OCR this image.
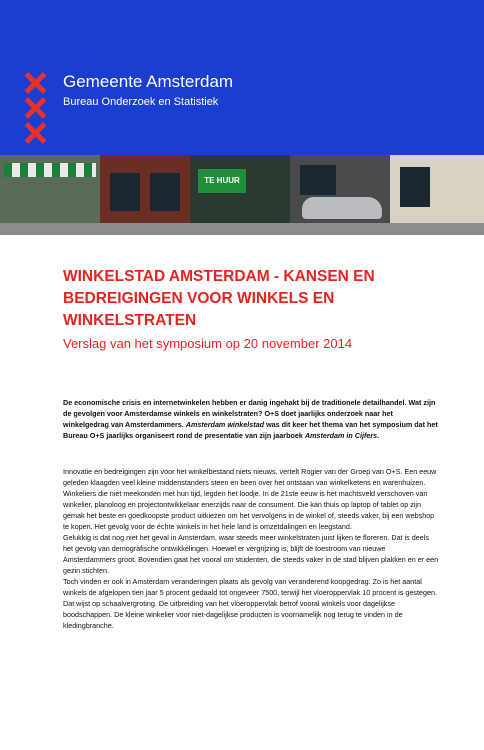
Gemeente Amsterdam
Bureau Onderzoek en Statistiek
TE HUUR
WINKELSTAD AMSTERDAM - KANSEN EN BEDREIGINGEN VOOR WINKELS EN WINKELSTRATEN
Verslag van het symposium op 20 november 2014
De economische crisis en internetwinkelen hebben er danig ingehakt bij de traditionele detailhandel. Wat zijn de gevolgen voor Amsterdamse winkels en winkelstraten? O+S doet jaarlijks onderzoek naar het winkelgedrag van Amsterdammers. Amsterdam winkelstad was dit keer het thema van het symposium dat het Bureau O+S jaarlijks organiseert rond de presentatie van zijn jaarboek Amsterdam in Cijfers.

Innovatie en bedreigingen zijn voor het winkelbestand niets nieuws, vertelt Rogier van der Groep van O+S. Een eeuw geleden klaagden veel kleine middenstanders steen en been over het ontstaan van winkelketens en warenhuizen. Winkeliers die niet meekonden met hun tijd, legden het loodje. In de 21ste eeuw is het machtsveld verschoven van winkelier, planoloog en projectontwikkelaar enerzijds naar de consument. Die kan thuis op laptop of tablet op zijn gemak het beste en goedkoopste product uitkiezen om het vervolgens in de winkel of, steeds vaker, bij een webshop te kopen. Het gevolg voor de échte winkels in het hele land is omzetdalingen en leegstand.

Gelukkig is dat nog niet het geval in Amsterdam, waar steeds meer winkelstraten juist lijken te floreren. Dat is deels het gevolg van demografische ontwikkelingen. Hoewel er vergrijzing is, blijft de toestroom van nieuwe Amsterdammers groot. Bovendien gaat het vooral om studenten, die steeds vaker in de stad blijven plakken en er een gezin stichten.

Toch vinden er ook in Amsterdam veranderingen plaats als gevolg van veranderend koopgedrag. Zo is het aantal winkels de afgelopen tien jaar 5 procent gedaald tot ongeveer 7500, terwijl het vloeroppervlak 10 procent is gestegen. Dat wijst op schaalvergroting. De uitbreiding van het vloeroppervlak betrof vooral winkels voor dagelijkse boodschappen. De kleine winkelier voor niet-dagelijkse producten is voornamelijk nog terug te vinden in de kledingbranche.
